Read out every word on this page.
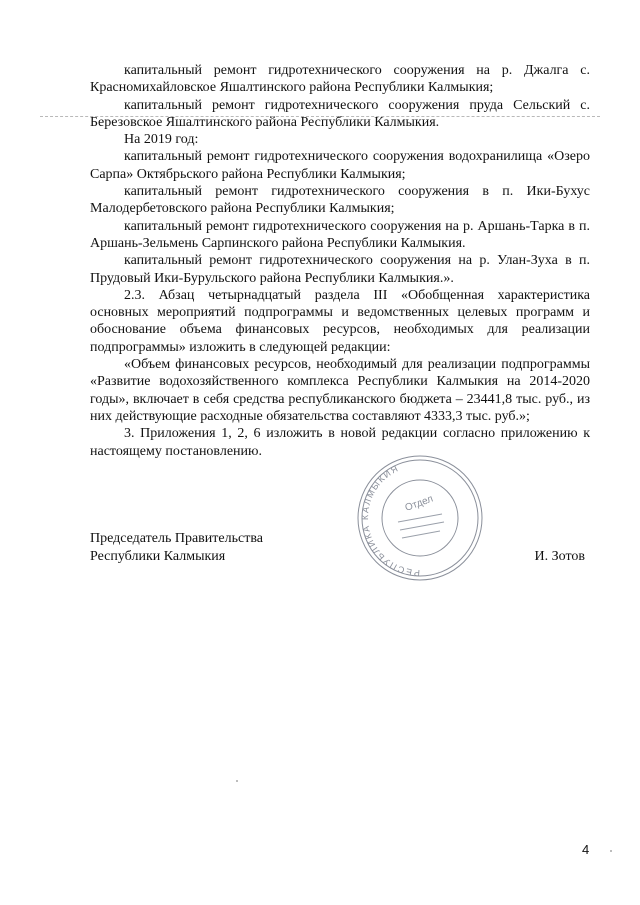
капитальный ремонт гидротехнического сооружения на р. Джалга с. Красномихайловское Яшалтинского района Республики Калмыкия;

капитальный ремонт гидротехнического сооружения пруда Сельский с. Березовское Яшалтинского района Республики Калмыкия.

На 2019 год:

капитальный ремонт гидротехнического сооружения водохранилища «Озеро Сарпа» Октябрьского района Республики Калмыкия;

капитальный ремонт гидротехнического сооружения в п. Ики-Бухус Малодербетовского района Республики Калмыкия;

капитальный ремонт гидротехнического сооружения на р. Аршань-Тарка в п. Аршань-Зельмень Сарпинского района Республики Калмыкия.

капитальный ремонт гидротехнического сооружения на р. Улан-Зуха в п. Прудовый Ики-Бурульского района Республики Калмыкия.».

2.3. Абзац четырнадцатый раздела III «Обобщенная характеристика основных мероприятий подпрограммы и ведомственных целевых программ и обоснование объема финансовых ресурсов, необходимых для реализации подпрограммы» изложить в следующей редакции:

«Объем финансовых ресурсов, необходимый для реализации подпрограммы «Развитие водохозяйственного комплекса Республики Калмыкия на 2014-2020 годы», включает в себя средства республиканского бюджета – 23441,8 тыс. руб., из них действующие расходные обязательства составляют 4333,3 тыс. руб.»;

3. Приложения 1, 2, 6 изложить в новой редакции согласно приложению к настоящему постановлению.

РЕСПУБЛИКА КАЛМЫКИЯ
Отдел
Председатель Правительства
Республики Калмыкия	И. Зотов
4
